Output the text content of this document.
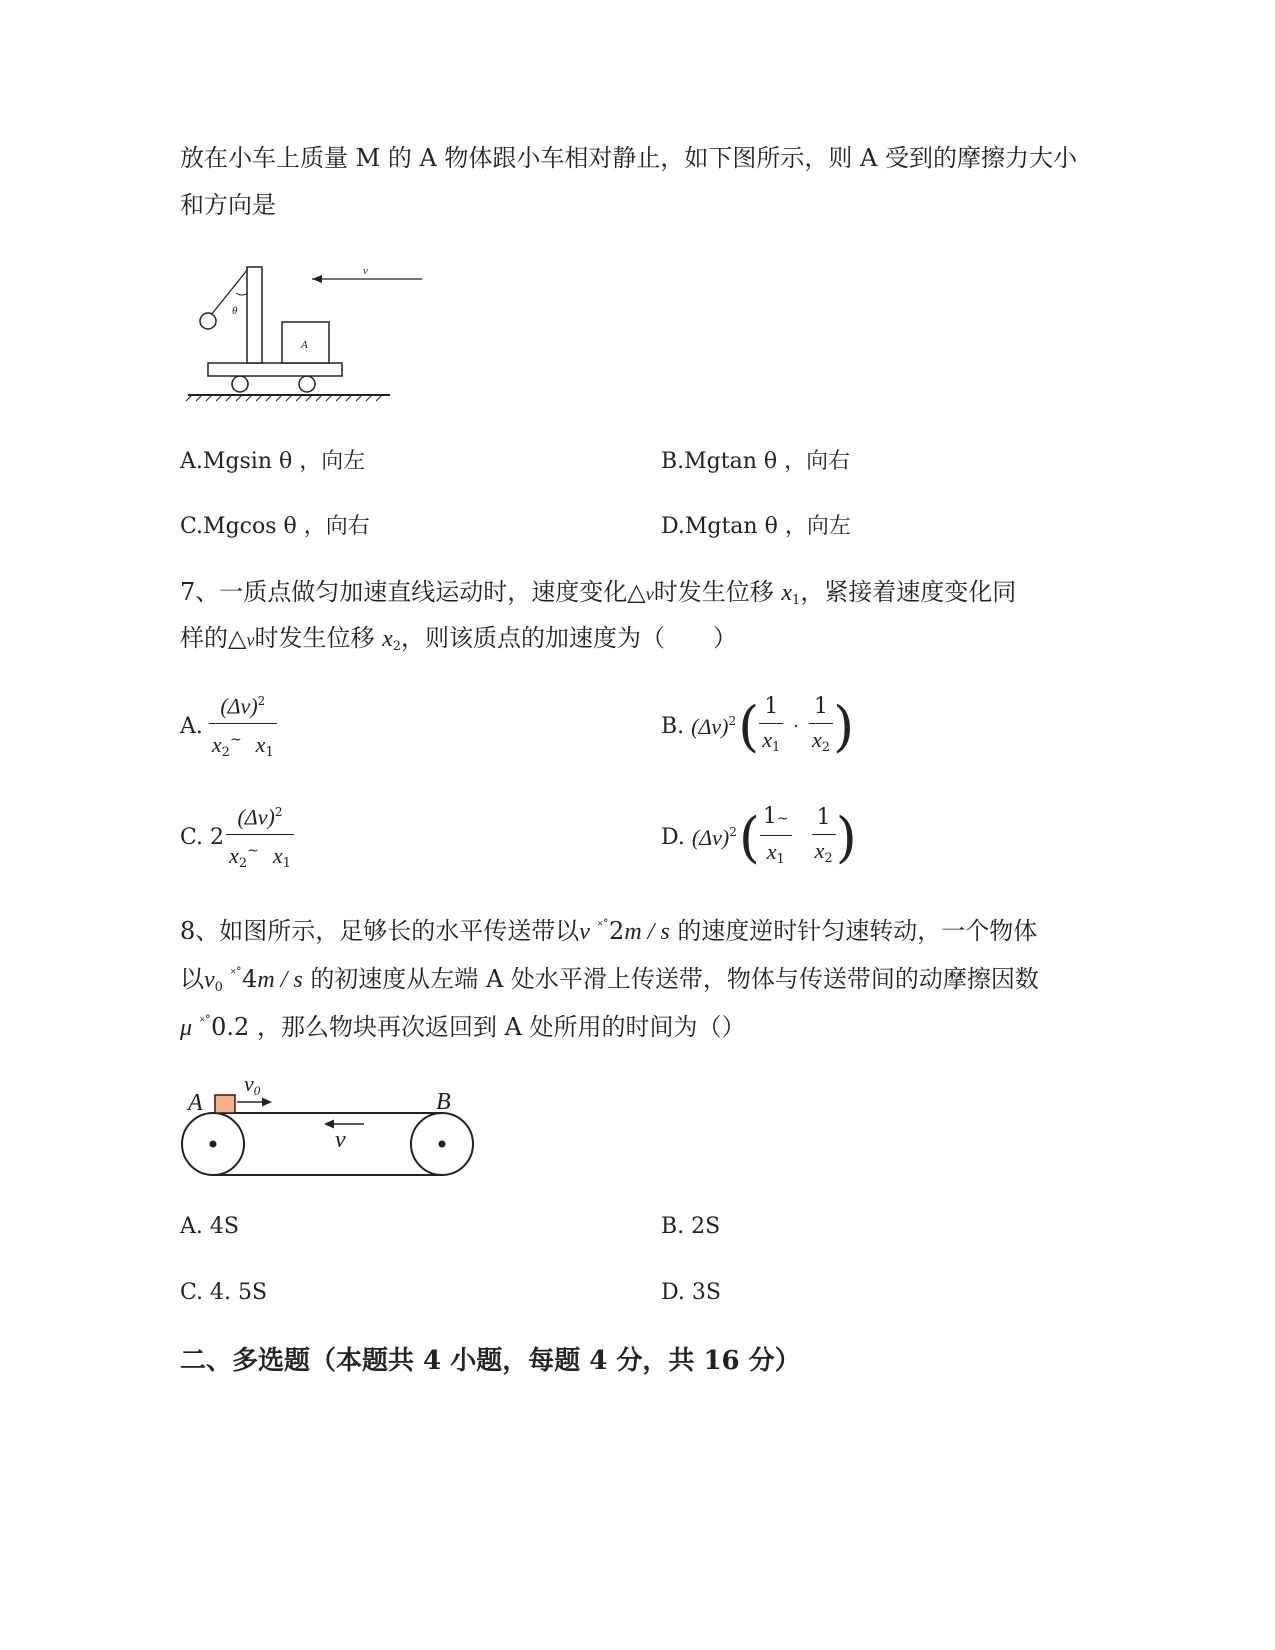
放在小车上质量 M 的 A 物体跟小车相对静止，如下图所示，则 A 受到的摩擦力大小
和方向是
θ
A
v
A.Mgsin θ ，向左	B.Mgtan θ ，向右
C.Mgcos θ ，向右	D.Mgtan θ ，向左
7、一质点做匀加速直线运动时，速度变化△v时发生位移 $x_1$，紧接着速度变化同
样的△v时发生位移 $x_2$，则该质点的加速度为（　　）
A. $\frac{(\Delta v)^2}{x_2^\sim x_1}$	B.
$(\Delta v)^2$ ( $\frac{1}{x_1} \cdot \frac{1}{x_2}$ )
C.
$2 \frac{(\Delta v)^2}{x_2^\sim x_1}$	D.
$(\Delta v)^2$ ( $\frac{1\sim}{x_1} \frac{1}{x_2}$ )
8、如图所示，足够长的水平传送带以v ˟˚2m / s 的速度逆时针匀速转动，一个物体
以$v_0$ ˟˚4m / s 的初速度从左端 A 处水平滑上传送带，物体与传送带间的动摩擦因数
μ ˟˚0.2 ，那么物块再次返回到 A 处所用的时间为（）
A
v0	B
v
A. 4S	B. 2S
C. 4. 5S	D. 3S
二、多选题（本题共 4 小题，每题 4 分，共 16 分）
